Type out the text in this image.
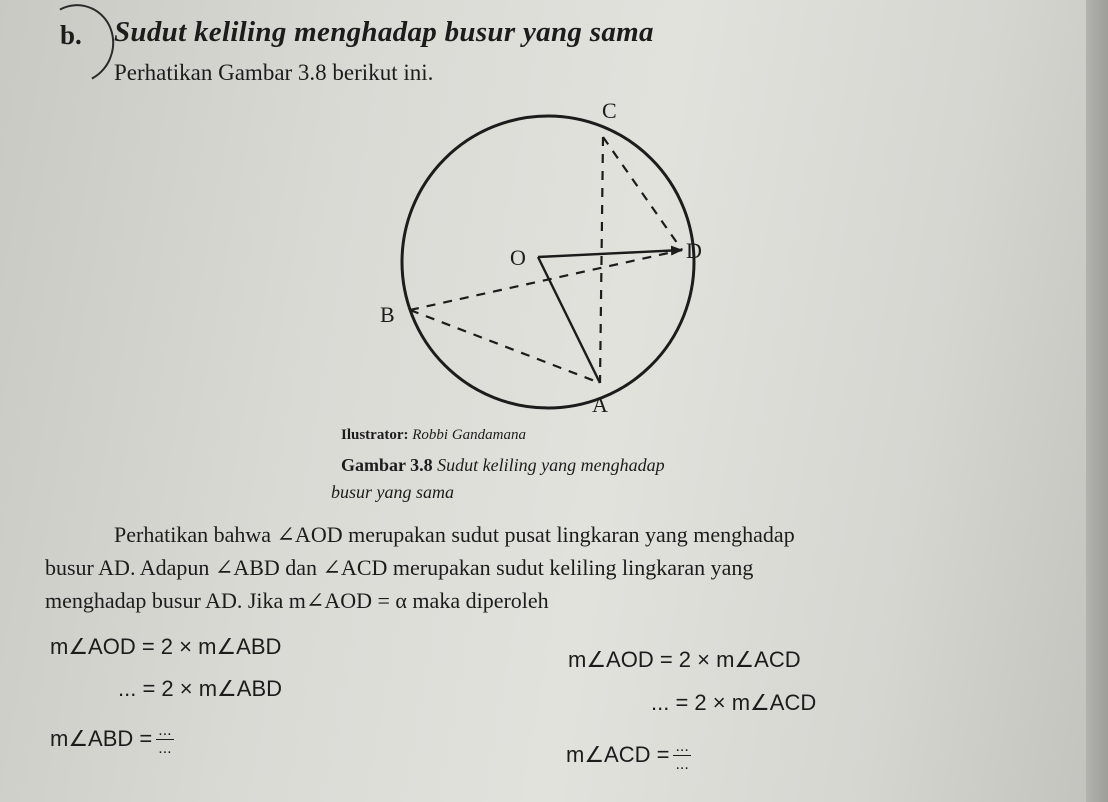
b. Sudut keliling menghadap busur yang sama
Perhatikan Gambar 3.8 berikut ini.
C
O	D
B
A
Ilustrator: Robbi Gandamana
Gambar 3.8 Sudut keliling yang menghadap
busur yang sama
Perhatikan bahwa ∠AOD merupakan sudut pusat lingkaran yang menghadap
busur AD. Adapun ∠ABD dan ∠ACD merupakan sudut keliling lingkaran yang
menghadap busur AD. Jika m∠AOD = α maka diperoleh
m∠AOD = 2 × m∠ABD
... = 2 × m∠ABD
m∠ABD = $\frac{...}{...}$
m∠AOD = 2 × m∠ACD
... = 2 × m∠ACD
m∠ACD = $\frac{...}{...}$
